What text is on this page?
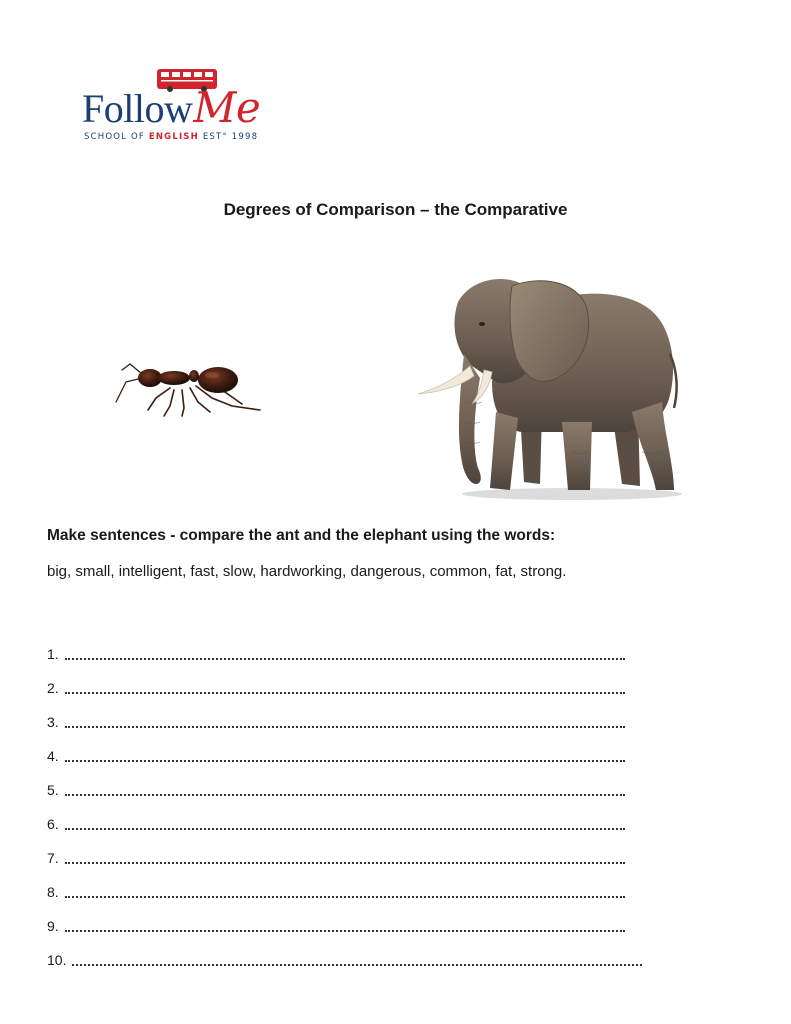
FollowMe
SCHOOL OF ENGLISH EST° 1998
Degrees of Comparison – the Comparative
Make sentences - compare the ant and the elephant using the words:
big, small, intelligent, fast, slow, hardworking, dangerous, common, fat, strong.
1.
2.
3.
4.
5.
6.
7.
8.
9.
10.
